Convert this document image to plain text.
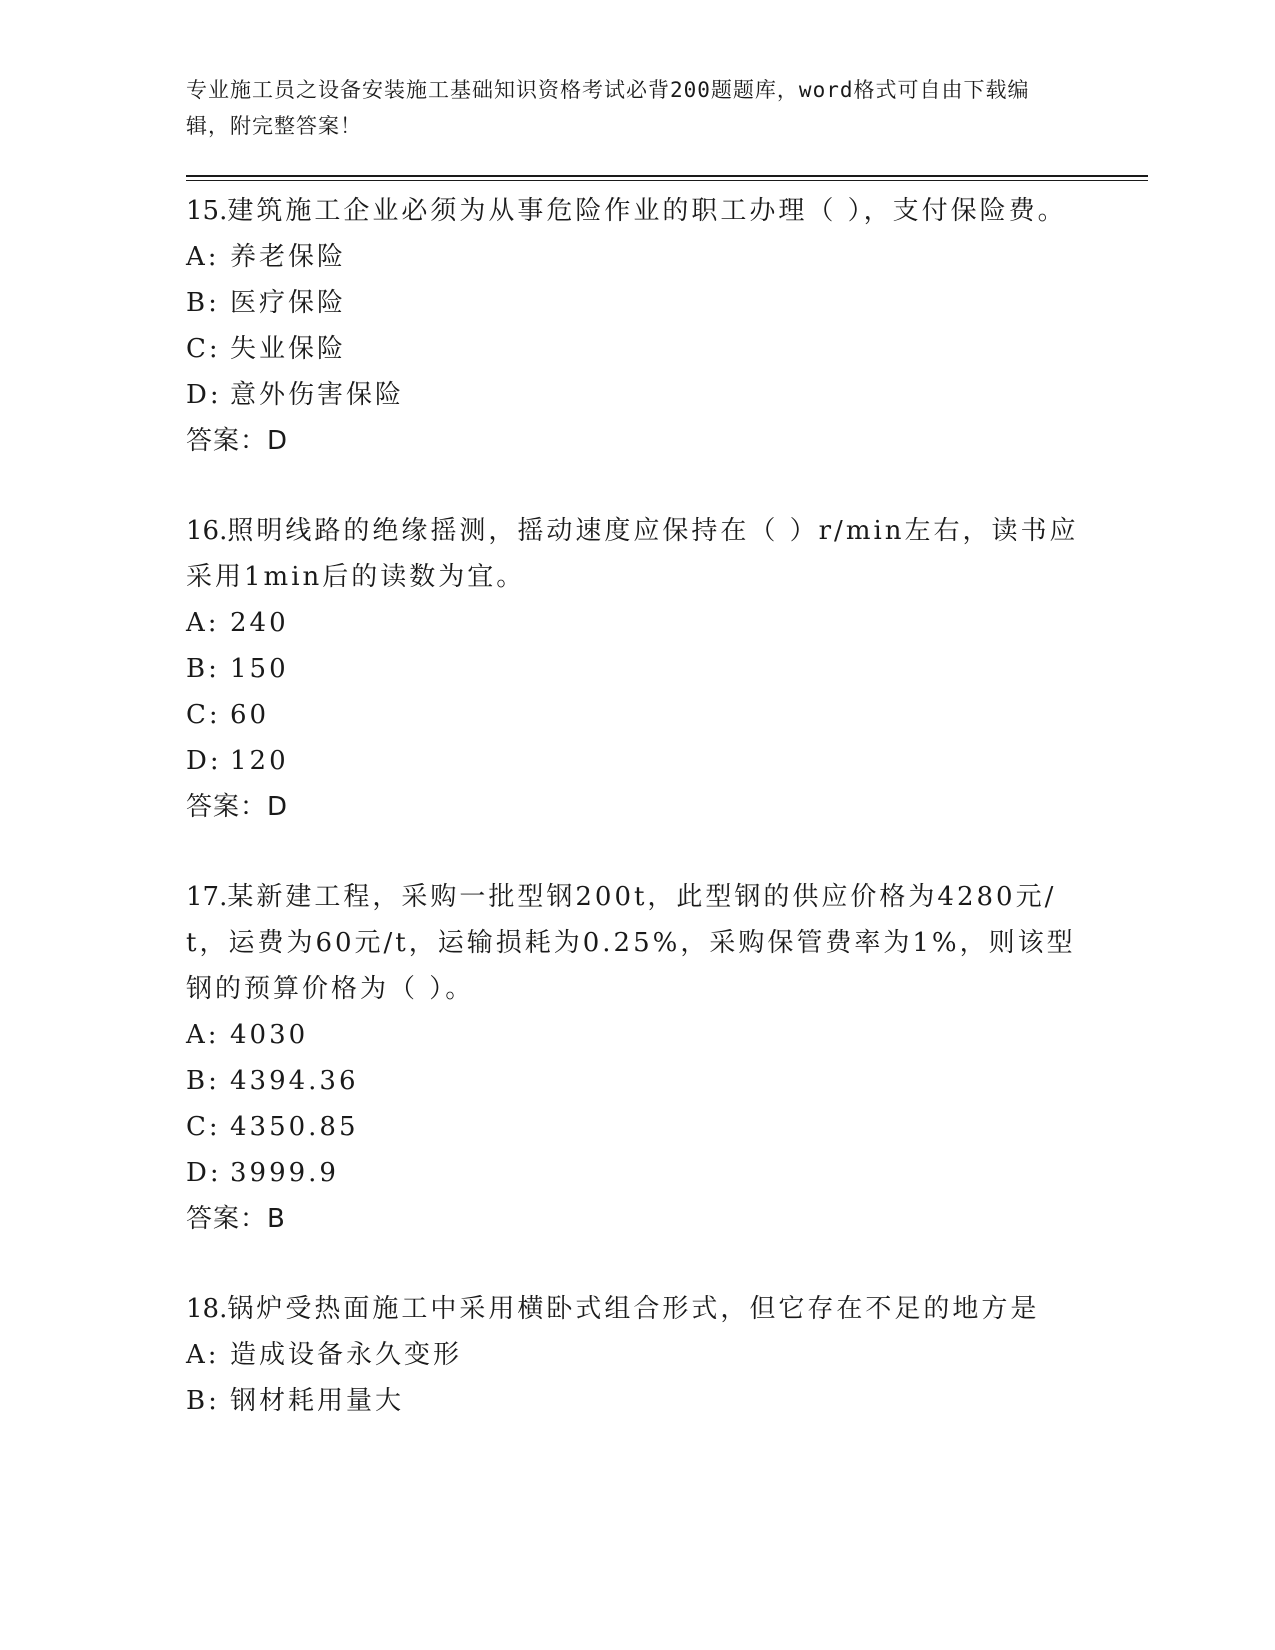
专业施工员之设备安装施工基础知识资格考试必背200题题库，word格式可自由下载编辑，附完整答案！
15.建筑施工企业必须为从事危险作业的职工办理（ ），支付保险费。
A: 养老保险
B: 医疗保险
C: 失业保险
D: 意外伤害保险
答案：D
16.照明线路的绝缘摇测，摇动速度应保持在（ ）r/min左右，读书应采用1min后的读数为宜。
A: 240
B: 150
C: 60
D: 120
答案：D
17.某新建工程，采购一批型钢200t，此型钢的供应价格为4280元/t，运费为60元/t，运输损耗为0.25%，采购保管费率为1%，则该型钢的预算价格为（ ）。
A: 4030
B: 4394.36
C: 4350.85
D: 3999.9
答案：B
18.锅炉受热面施工中采用横卧式组合形式，但它存在不足的地方是
A: 造成设备永久变形
B: 钢材耗用量大
